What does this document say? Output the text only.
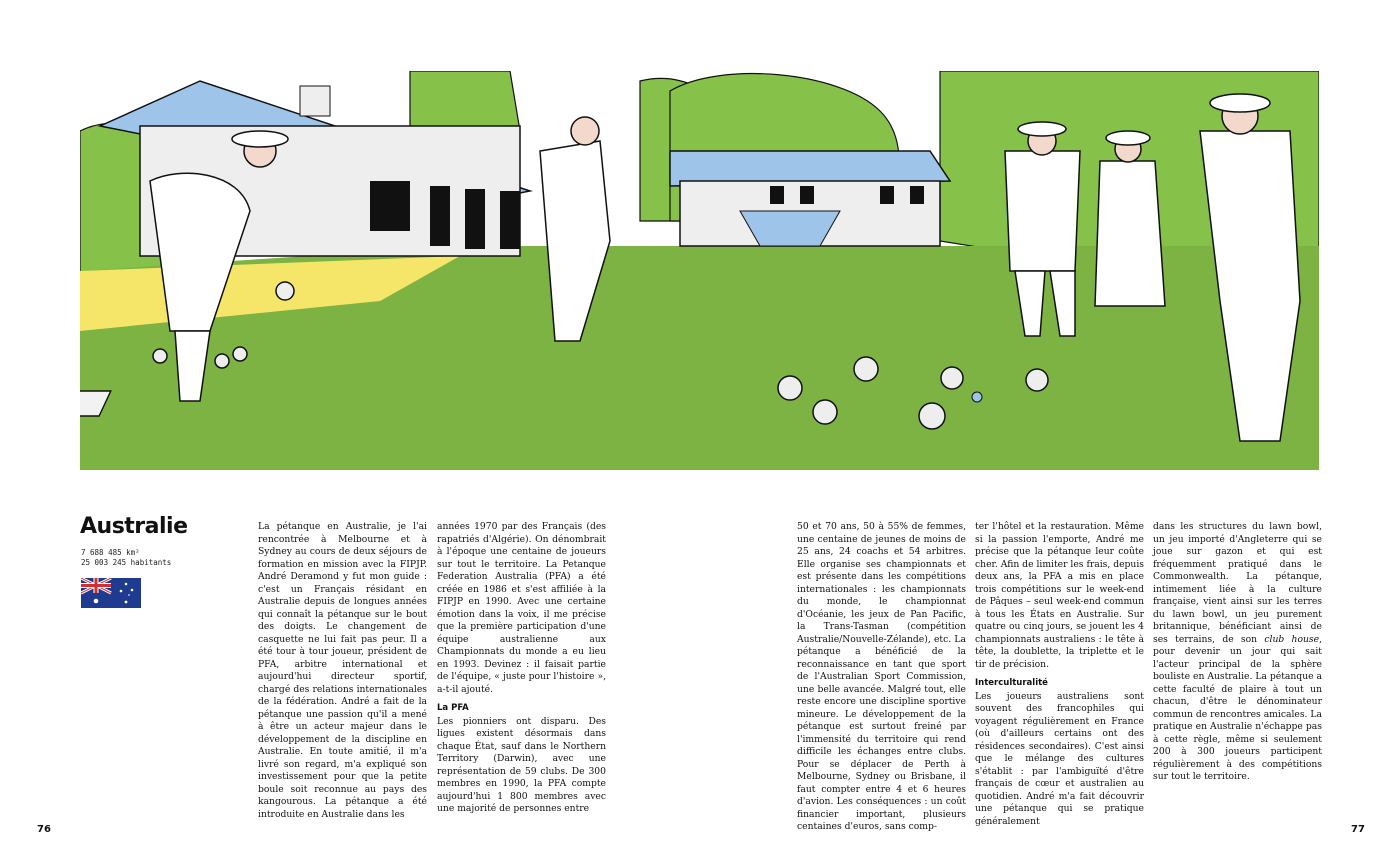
Australie
7 688 485 km²
25 003 245 habitants

La pétanque en Australie, je l'ai rencontrée à Melbourne et à Sydney au cours de deux séjours de formation en mission avec la FIPJP. André Deramond y fut mon guide : c'est un Français résidant en Australie depuis de longues années qui connaît la pétanque sur le bout des doigts. Le changement de casquette ne lui fait pas peur. Il a été tour à tour joueur, président de PFA, arbitre international et aujourd'hui directeur sportif, chargé des relations internationales de la fédération. André a fait de la pétanque une passion qu'il a mené à être un acteur majeur dans le développement de la discipline en Australie. En toute amitié, il m'a livré son regard, m'a expliqué son investissement pour que la petite boule soit reconnue au pays des kangourous. La pétanque a été introduite en Australie dans les

années 1970 par des Français (des rapatriés d'Algérie). On dénombrait à l'époque une centaine de joueurs sur tout le territoire. La Petanque Federation Australia (PFA) a été créée en 1986 et s'est affiliée à la FIPJP en 1990. Avec une certaine émotion dans la voix, il me précise que la première participation d'une équipe australienne aux Championnats du monde a eu lieu en 1993. Devinez : il faisait partie de l'équipe, « juste pour l'histoire », a-t-il ajouté.

La PFA

Les pionniers ont disparu. Des ligues existent désormais dans chaque État, sauf dans le Northern Territory (Darwin), avec une représentation de 59 clubs. De 300 membres en 1990, la PFA compte aujourd'hui 1 800 membres avec une majorité de personnes entre

50 et 70 ans, 50 à 55% de femmes, une centaine de jeunes de moins de 25 ans, 24 coachs et 54 arbitres. Elle organise ses championnats et est présente dans les compétitions internationales : les championnats du monde, le championnat d'Océanie, les jeux de Pan Pacific, la Trans-Tasman (compétition Australie/Nouvelle-Zélande), etc. La pétanque a bénéficié de la reconnaissance en tant que sport de l'Australian Sport Commission, une belle avancée. Malgré tout, elle reste encore une discipline sportive mineure. Le développement de la pétanque est surtout freiné par l'immensité du territoire qui rend difficile les échanges entre clubs. Pour se déplacer de Perth à Melbourne, Sydney ou Brisbane, il faut compter entre 4 et 6 heures d'avion. Les conséquences : un coût financier important, plusieurs centaines d'euros, sans comp-

ter l'hôtel et la restauration. Même si la passion l'emporte, André me précise que la pétanque leur coûte cher. Afin de limiter les frais, depuis deux ans, la PFA a mis en place trois compétitions sur le week-end de Pâques – seul week-end commun à tous les États en Australie. Sur quatre ou cinq jours, se jouent les 4 championnats australiens : le tête à tête, la doublette, la triplette et le tir de précision.

Interculturalité

Les joueurs australiens sont souvent des francophiles qui voyagent régulièrement en France (où d'ailleurs certains ont des résidences secondaires). C'est ainsi que le mélange des cultures s'établit : par l'ambiguïté d'être français de cœur et australien au quotidien. André m'a fait découvrir une pétanque qui se pratique généralement

dans les structures du lawn bowl, un jeu importé d'Angleterre qui se joue sur gazon et qui est fréquemment pratiqué dans le Commonwealth. La pétanque, intimement liée à la culture française, vient ainsi sur les terres du lawn bowl, un jeu purement britannique, bénéficiant ainsi de ses terrains, de son club house, pour devenir un jour qui sait l'acteur principal de la sphère bouliste en Australie. La pétanque a cette faculté de plaire à tout un chacun, d'être le dénominateur commun de rencontres amicales. La pratique en Australie n'échappe pas à cette règle, même si seulement 200 à 300 joueurs participent régulièrement à des compétitions sur tout le territoire.

76	77
